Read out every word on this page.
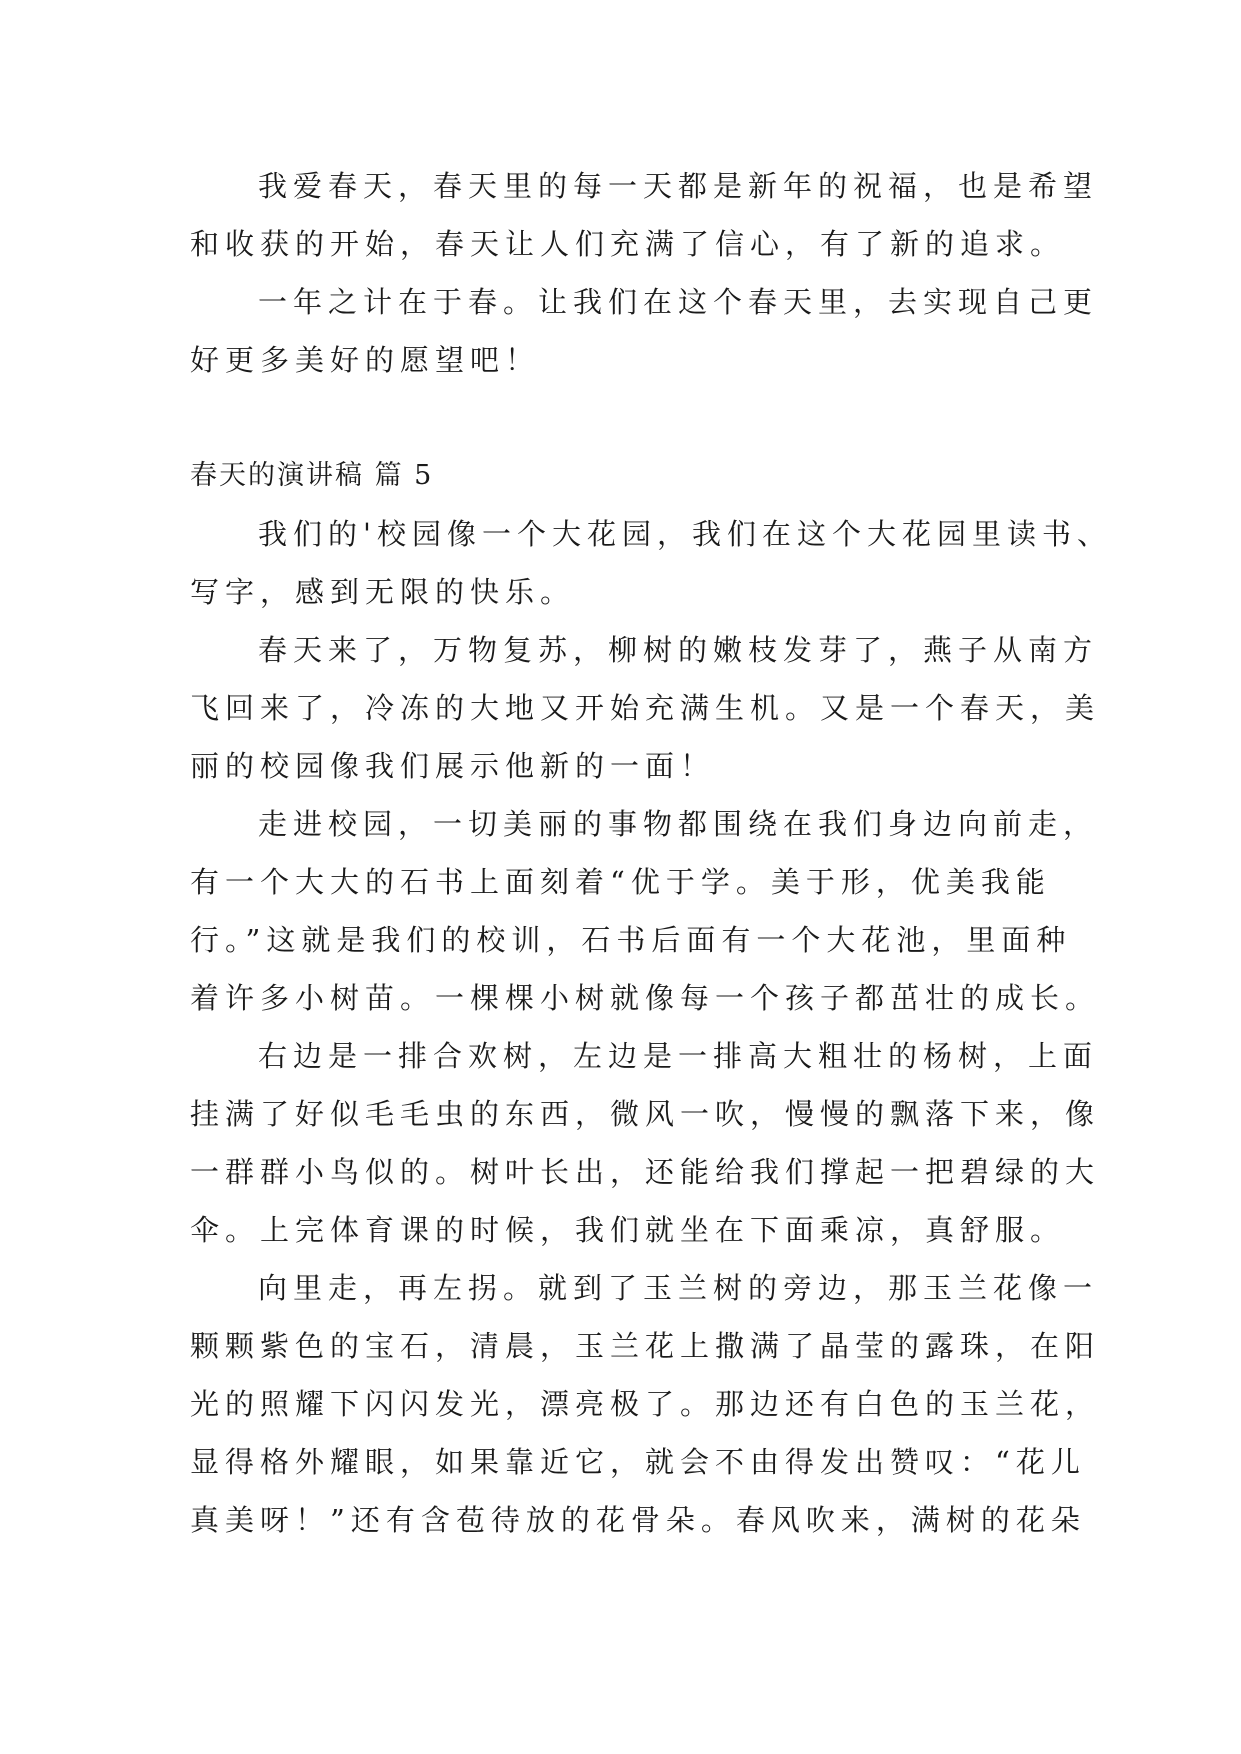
我爱春天，春天里的每一天都是新年的祝福，也是希望
和收获的开始，春天让人们充满了信心，有了新的追求。
一年之计在于春。让我们在这个春天里，去实现自己更
好更多美好的愿望吧！
春天的演讲稿 篇 5
我们的'校园像一个大花园，我们在这个大花园里读书、
写字，感到无限的快乐。
春天来了，万物复苏，柳树的嫩枝发芽了，燕子从南方
飞回来了，冷冻的大地又开始充满生机。又是一个春天，美
丽的校园像我们展示他新的一面！
走进校园，一切美丽的事物都围绕在我们身边向前走，
有一个大大的石书上面刻着“优于学。美于形，优美我能
行。”这就是我们的校训，石书后面有一个大花池，里面种
着许多小树苗。一棵棵小树就像每一个孩子都茁壮的成长。
右边是一排合欢树，左边是一排高大粗壮的杨树，上面
挂满了好似毛毛虫的东西，微风一吹，慢慢的飘落下来，像
一群群小鸟似的。树叶长出，还能给我们撑起一把碧绿的大
伞。上完体育课的时候，我们就坐在下面乘凉，真舒服。
向里走，再左拐。就到了玉兰树的旁边，那玉兰花像一
颗颗紫色的宝石，清晨，玉兰花上撒满了晶莹的露珠，在阳
光的照耀下闪闪发光，漂亮极了。那边还有白色的玉兰花，
显得格外耀眼，如果靠近它，就会不由得发出赞叹：“花儿
真美呀！”还有含苞待放的花骨朵。春风吹来，满树的花朵
